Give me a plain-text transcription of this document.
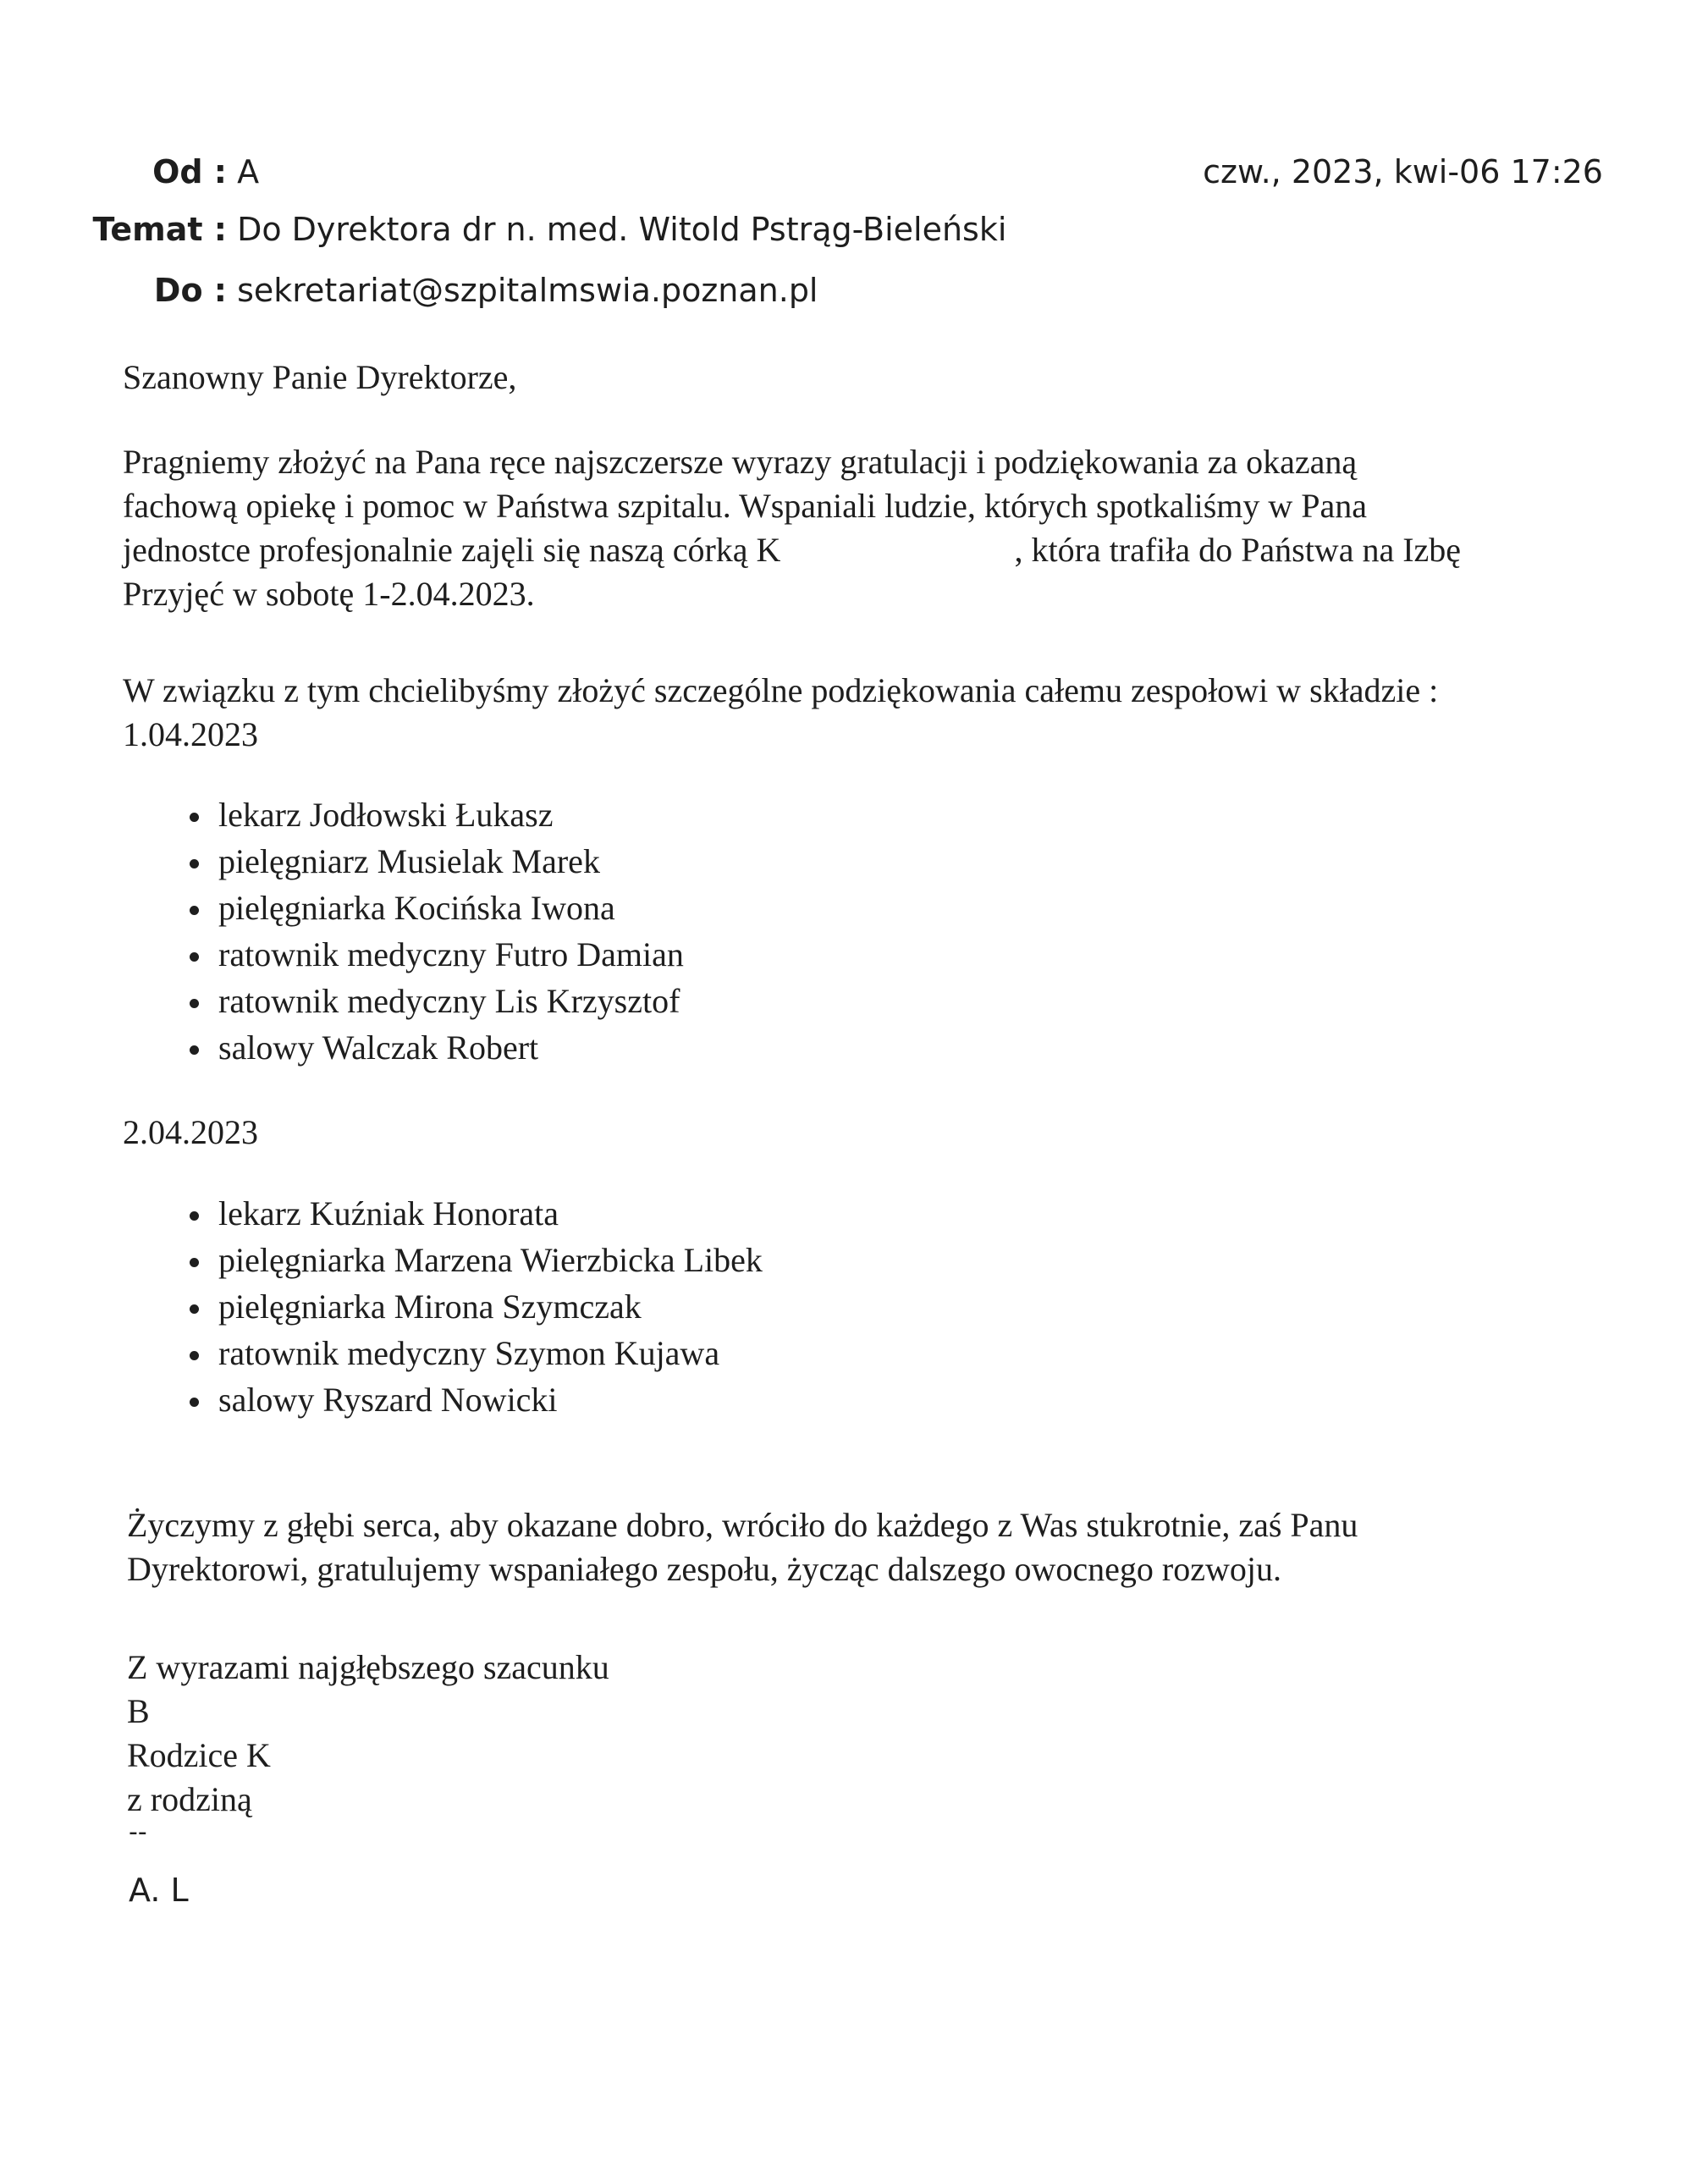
Od : A	czw., 2023, kwi-06 17:26
Temat : Do Dyrektora dr n. med. Witold Pstrąg-Bieleński
Do : sekretariat@szpitalmswia.poznan.pl
Szanowny Panie Dyrektorze,
Pragniemy złożyć na Pana ręce najszczersze wyrazy gratulacji i podziękowania za okazaną
fachową opiekę i pomoc w Państwa szpitalu. Wspaniali ludzie, których spotkaliśmy w Pana
jednostce profesjonalnie zajęli się naszą córką K	, która trafiła do Państwa na Izbę
Przyjęć w sobotę 1-2.04.2023.
W związku z tym chcielibyśmy złożyć szczególne podziękowania całemu zespołowi w składzie :
1.04.2023
lekarz Jodłowski Łukasz
pielęgniarz Musielak Marek
pielęgniarka Kocińska Iwona
ratownik medyczny Futro Damian
ratownik medyczny Lis Krzysztof
salowy Walczak Robert
2.04.2023
lekarz Kuźniak Honorata
pielęgniarka Marzena Wierzbicka Libek
pielęgniarka Mirona Szymczak
ratownik medyczny Szymon Kujawa
salowy Ryszard Nowicki
Życzymy z głębi serca, aby okazane dobro, wróciło do każdego z Was stukrotnie, zaś Panu
Dyrektorowi, gratulujemy wspaniałego zespołu, życząc dalszego owocnego rozwoju.
Z wyrazami najgłębszego szacunku
B
Rodzice K
z rodziną
--
A. L
